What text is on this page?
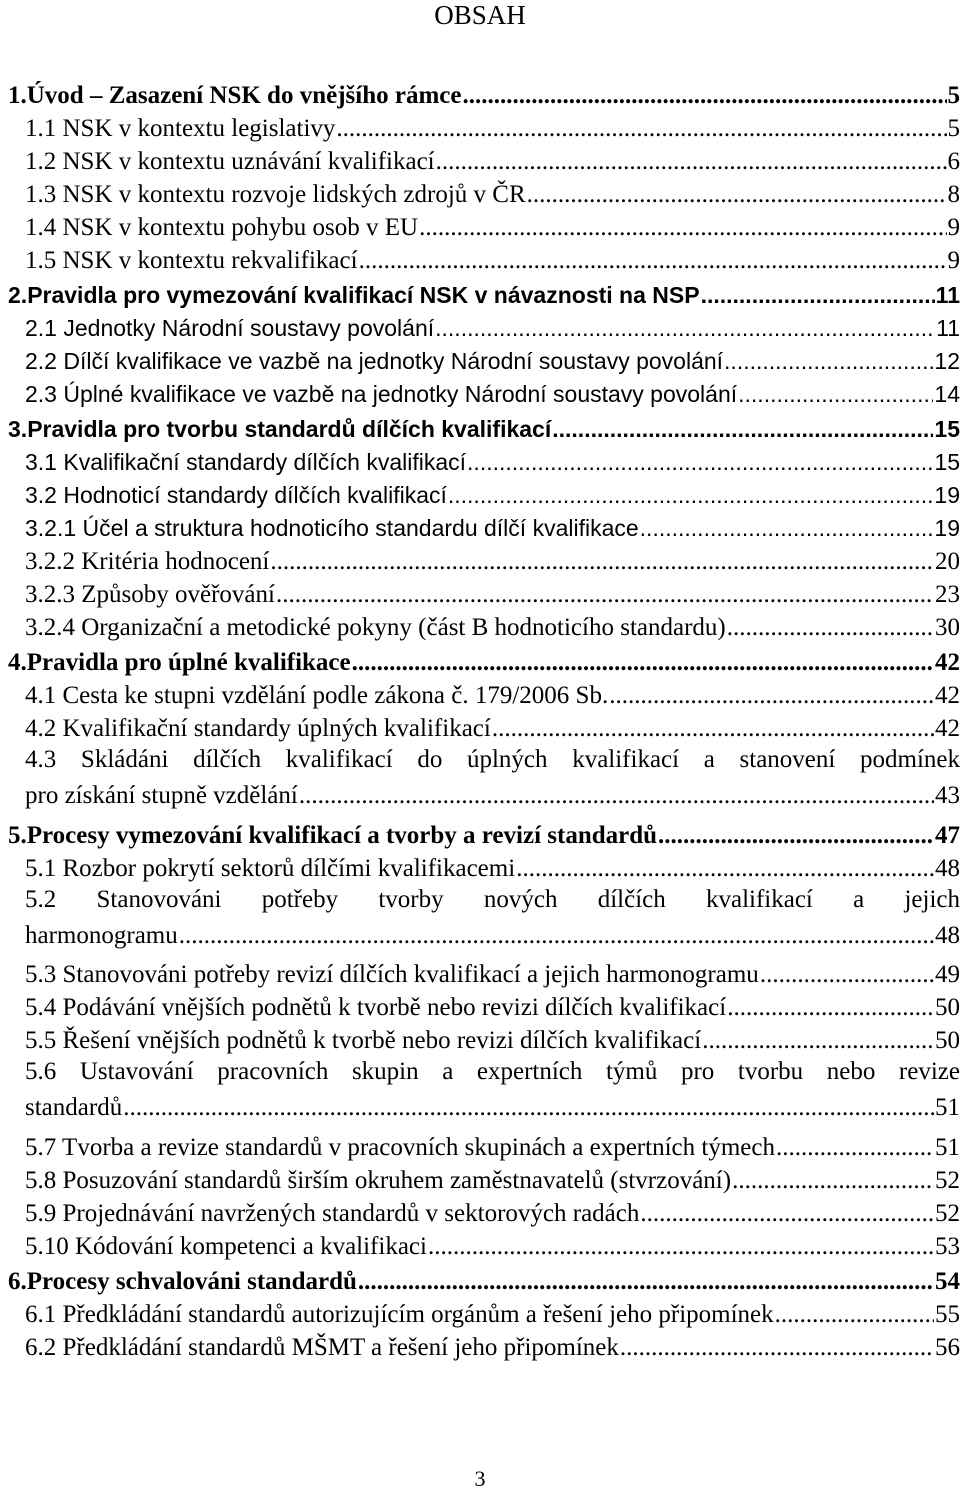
OBSAH
1. Úvod – Zasazení NSK do vnějšího rámce .....	5
1.1 NSK v kontextu legislativy .....	5
1.2 NSK v kontextu uznávání kvalifikací .....	6
1.3 NSK v kontextu rozvoje lidských zdrojů v ČR .....	8
1.4 NSK v kontextu pohybu osob v EU .....	9
1.5 NSK v kontextu rekvalifikací .....	9
2. Pravidla pro vymezování kvalifikací NSK v návaznosti na NSP .....	11
2.1 Jednotky Národní soustavy povolání .....	11
2.2 Dílčí kvalifikace ve vazbě na jednotky Národní soustavy povolání .....	12
2.3 Úplné kvalifikace ve vazbě na jednotky Národní soustavy povolání .....	14
3. Pravidla pro tvorbu standardů dílčích kvalifikací .....	15
3.1 Kvalifikační standardy dílčích kvalifikací .....	15
3.2 Hodnoticí standardy dílčích kvalifikací .....	19
3.2.1 Účel a struktura hodnoticího standardu dílčí kvalifikace .....	19
3.2.2 Kritéria hodnocení .....	20
3.2.3 Způsoby ověřování .....	23
3.2.4 Organizační a metodické pokyny (část B hodnoticího standardu) .....	30
4. Pravidla pro úplné kvalifikace .....	42
4.1 Cesta ke stupni vzdělání podle zákona č. 179/2006 Sb. .....	42
4.2 Kvalifikační standardy úplných kvalifikací .....	42
4.3 Skládáni dílčích kvalifikací do úplných kvalifikací a stanovení podmínek
pro získání stupně vzdělání .....	43
5. Procesy vymezování kvalifikací a tvorby a revizí standardů .....	47
5.1 Rozbor pokrytí sektorů dílčími kvalifikacemi .....	48
5.2 Stanovováni potřeby tvorby nových dílčích kvalifikací a jejich
harmonogramu .....	48
5.3 Stanovováni potřeby revizí dílčích kvalifikací a jejich harmonogramu .....	49
5.4 Podávání vnějších podnětů k tvorbě nebo revizi dílčích kvalifikací .....	50
5.5 Řešení vnějších podnětů k tvorbě nebo revizi dílčích kvalifikací .....	50
5.6 Ustavování pracovních skupin a expertních týmů pro tvorbu nebo revize
standardů .....	51
5.7 Tvorba a revize standardů v pracovních skupinách a expertních týmech .....	51
5.8 Posuzování standardů širším okruhem zaměstnavatelů (stvrzování) .....	52
5.9 Projednávání navržených standardů v sektorových radách .....	52
5.10 Kódování kompetenci a kvalifikaci .....	53
6. Procesy schvalováni standardů .....	54
6.1 Předkládání standardů autorizujícím orgánům a řešení jeho připomínek .....	55
6.2 Předkládání standardů MŠMT a řešení jeho připomínek .....	56
3
